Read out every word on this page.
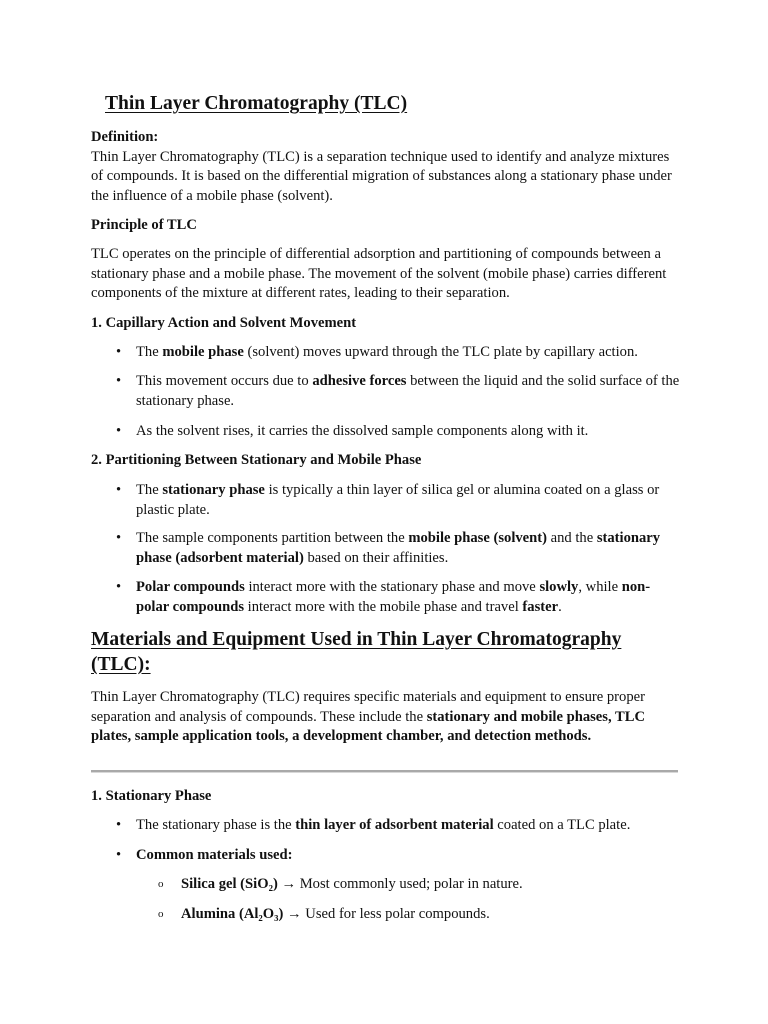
Thin Layer Chromatography (TLC)

Definition:

Thin Layer Chromatography (TLC) is a separation technique used to identify and analyze mixtures of compounds. It is based on the differential migration of substances along a stationary phase under the influence of a mobile phase (solvent).

Principle of TLC

TLC operates on the principle of differential adsorption and partitioning of compounds between a stationary phase and a mobile phase. The movement of the solvent (mobile phase) carries different components of the mixture at different rates, leading to their separation.

1. Capillary Action and Solvent Movement

• The mobile phase (solvent) moves upward through the TLC plate by capillary action.
• This movement occurs due to adhesive forces between the liquid and the solid surface of the stationary phase.
• As the solvent rises, it carries the dissolved sample components along with it.

2. Partitioning Between Stationary and Mobile Phase

• The stationary phase is typically a thin layer of silica gel or alumina coated on a glass or plastic plate.
• The sample components partition between the mobile phase (solvent) and the stationary phase (adsorbent material) based on their affinities.
• Polar compounds interact more with the stationary phase and move slowly, while non-polar compounds interact more with the mobile phase and travel faster.

Materials and Equipment Used in Thin Layer Chromatography (TLC):

Thin Layer Chromatography (TLC) requires specific materials and equipment to ensure proper separation and analysis of compounds. These include the stationary and mobile phases, TLC plates, sample application tools, a development chamber, and detection methods.

1. Stationary Phase

• The stationary phase is the thin layer of adsorbent material coated on a TLC plate.
• Common materials used:
o Silica gel (SiO₂) → Most commonly used; polar in nature.
o Alumina (Al₂O₃) → Used for less polar compounds.
